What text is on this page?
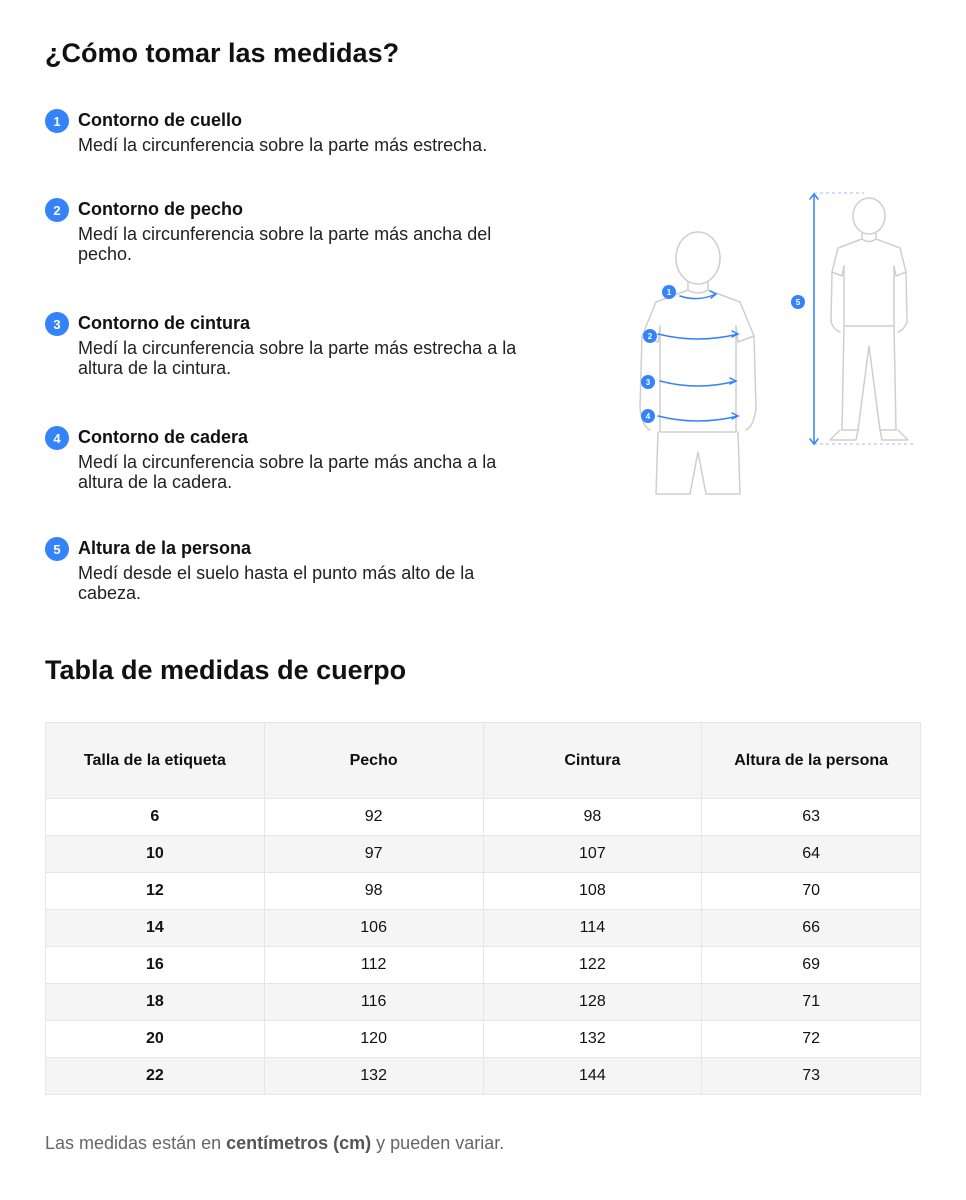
¿Cómo tomar las medidas?
1 Contorno de cuello
Medí la circunferencia sobre la parte más estrecha.
2 Contorno de pecho
Medí la circunferencia sobre la parte más ancha del pecho.
3 Contorno de cintura
Medí la circunferencia sobre la parte más estrecha a la altura de la cintura.
4 Contorno de cadera
Medí la circunferencia sobre la parte más ancha a la altura de la cadera.
5 Altura de la persona
Medí desde el suelo hasta el punto más alto de la cabeza.
1
2
3
4
5
Tabla de medidas de cuerpo
Talla de la etiqueta	Pecho	Cintura	Altura de la persona
6	92	98	63
10	97	107	64
12	98	108	70
14	106	114	66
16	112	122	69
18	116	128	71
20	120	132	72
22	132	144	73
Las medidas están en centímetros (cm) y pueden variar.
